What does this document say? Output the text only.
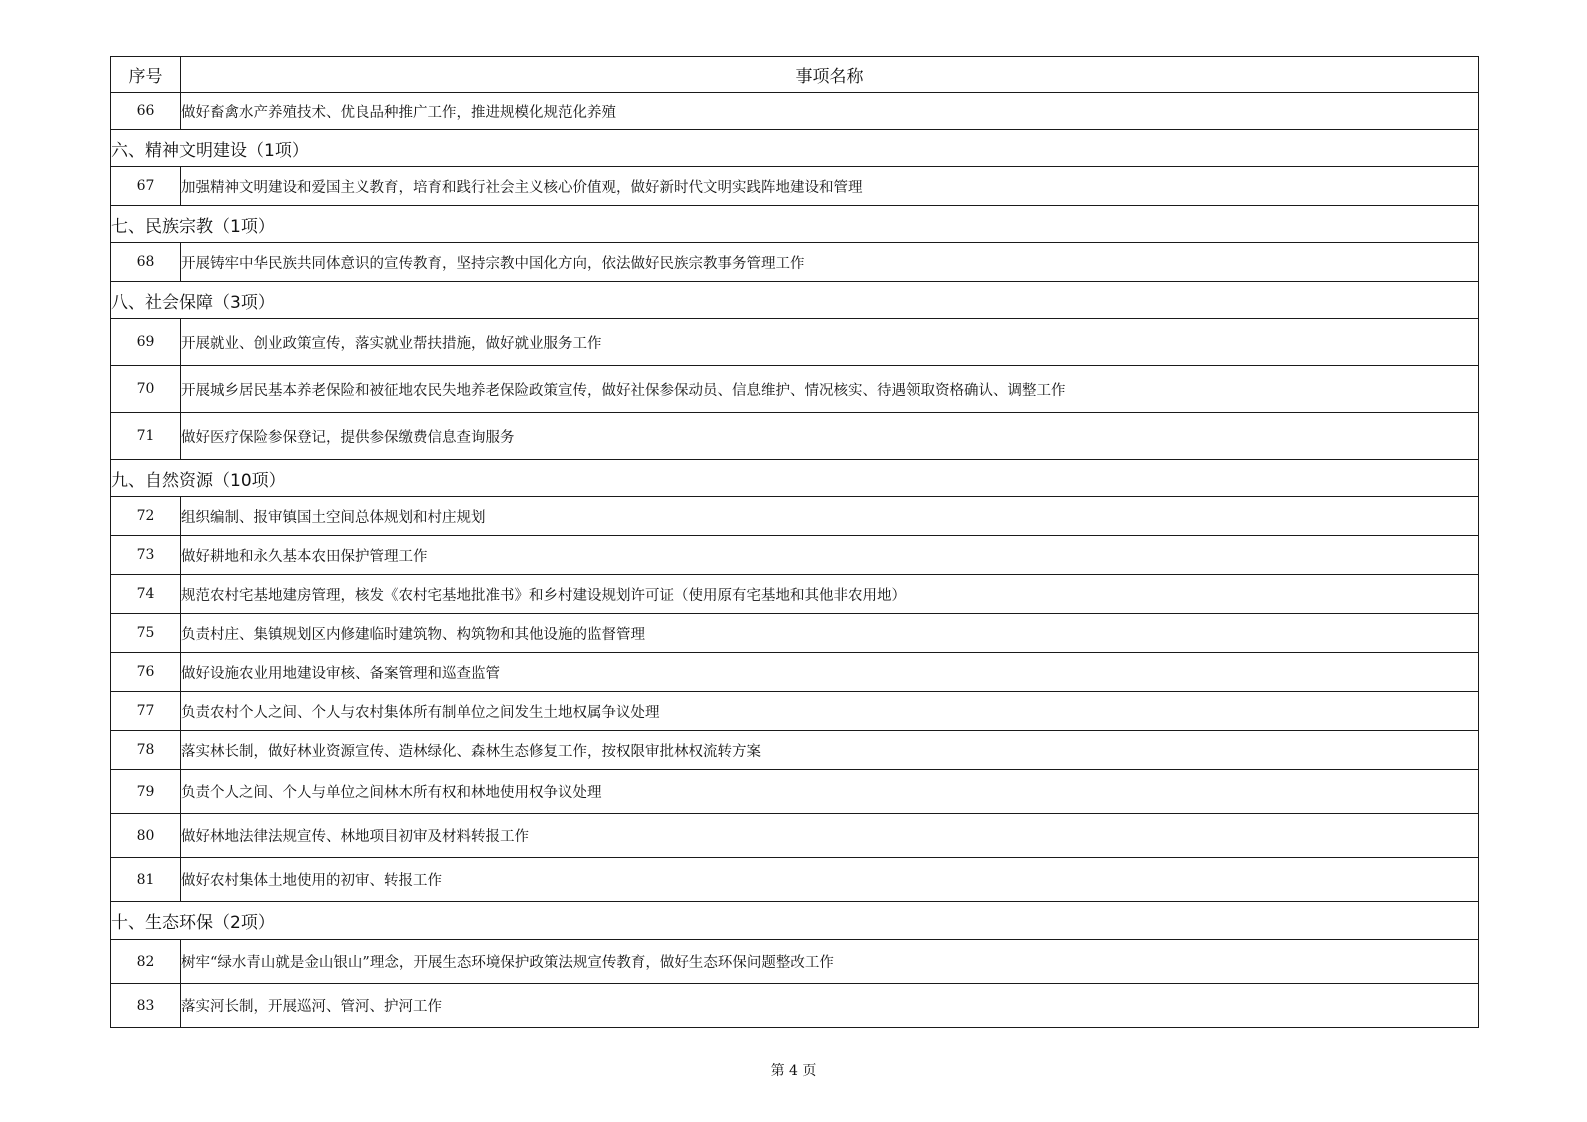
序号	事项名称
66	做好畜禽水产养殖技术、优良品种推广工作，推进规模化规范化养殖
六、精神文明建设（1项）	
67	加强精神文明建设和爱国主义教育，培育和践行社会主义核心价值观，做好新时代文明实践阵地建设和管理
七、民族宗教（1项）	
68	开展铸牢中华民族共同体意识的宣传教育，坚持宗教中国化方向，依法做好民族宗教事务管理工作
八、社会保障（3项）	
69	开展就业、创业政策宣传，落实就业帮扶措施，做好就业服务工作
70	开展城乡居民基本养老保险和被征地农民失地养老保险政策宣传，做好社保参保动员、信息维护、情况核实、待遇领取资格确认、调整工作
71	做好医疗保险参保登记，提供参保缴费信息查询服务
九、自然资源（10项）	
72	组织编制、报审镇国土空间总体规划和村庄规划
73	做好耕地和永久基本农田保护管理工作
74	规范农村宅基地建房管理，核发《农村宅基地批准书》和乡村建设规划许可证（使用原有宅基地和其他非农用地）
75	负责村庄、集镇规划区内修建临时建筑物、构筑物和其他设施的监督管理
76	做好设施农业用地建设审核、备案管理和巡查监管
77	负责农村个人之间、个人与农村集体所有制单位之间发生土地权属争议处理
78	落实林长制，做好林业资源宣传、造林绿化、森林生态修复工作，按权限审批林权流转方案
79	负责个人之间、个人与单位之间林木所有权和林地使用权争议处理
80	做好林地法律法规宣传、林地项目初审及材料转报工作
81	做好农村集体土地使用的初审、转报工作
十、生态环保（2项）	
82	树牢“绿水青山就是金山银山”理念，开展生态环境保护政策法规宣传教育，做好生态环保问题整改工作
83	落实河长制，开展巡河、管河、护河工作
第 4 页
